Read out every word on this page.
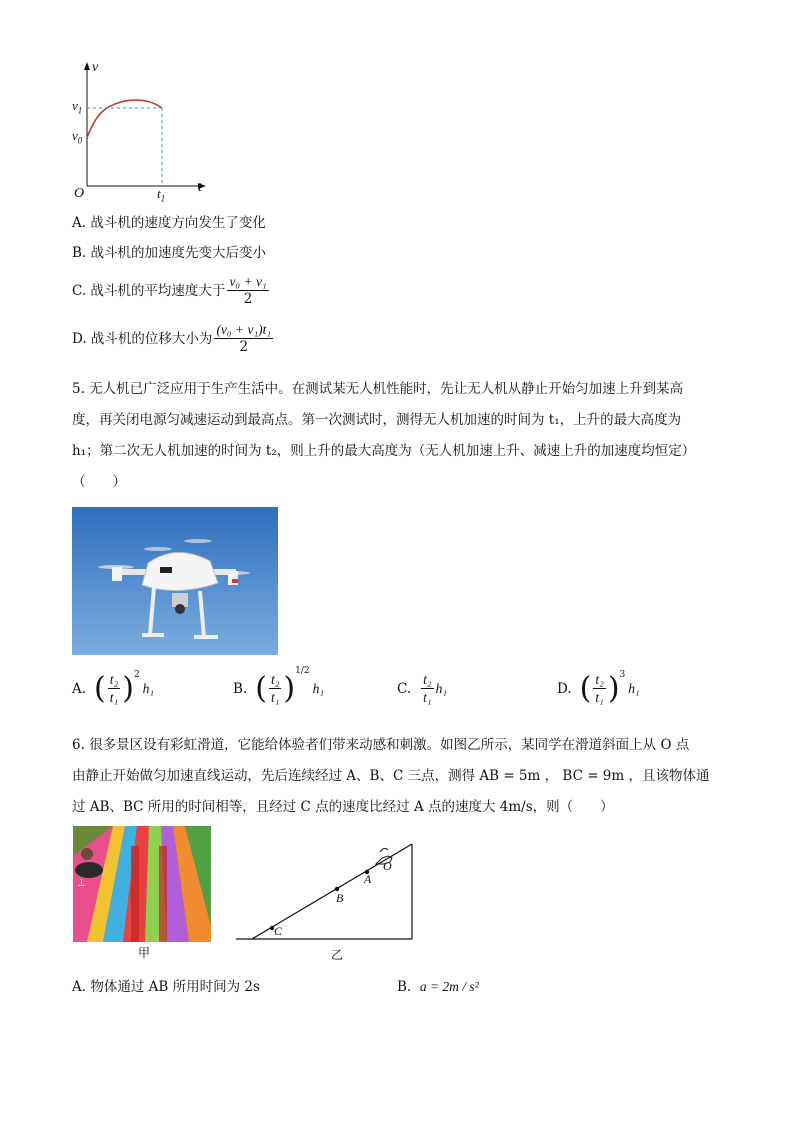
v
t
O
$v_1$
$v_0$
$t_1$
A. 战斗机的速度方向发生了变化
B. 战斗机的加速度先变大后变小
C. 战斗机的平均速度大于 $\frac{\text{v₀ + v₁}}{2}$
D. 战斗机的位移大小为 $\frac{\text{(v₀ + v₁)t₁}}{2}$
5. 无人机已广泛应用于生产生活中。在测试某无人机性能时，先让无人机从静止开始匀加速上升到某高
度，再关闭电源匀减速运动到最高点。第一次测试时，测得无人机加速的时间为 t₁，上升的最大高度为
h₁；第二次无人机加速的时间为 t₂，则上升的最大高度为（无人机加速上升、减速上升的加速度均恒定）
（　　）
A. ( $\frac{\text{t₂}}{\text{t₁}} )^2$
h₁	B. ( $\frac{\text{t₂}}{\text{t₁}} )^{1/2}$
h₁	C. $\frac{\text{t₂}}{\text{t₁}} h_1$	D. ( $\frac{\text{t₂}}{\text{t₁}} )^3$
h₁
6. 很多景区设有彩虹滑道，它能给体验者们带来动感和刺激。如图乙所示，某同学在滑道斜面上从 O 点
由静止开始做匀加速直线运动，先后连续经过 A、B、C 三点，测得 AB = 5m ， BC = 9m ，且该物体通
过 AB、BC 所用的时间相等，且经过 C 点的速度比经过 A 点的速度大 4m/s，则（　　）
⊥
甲
O
A
B
C
乙
A. 物体通过 AB 所用时间为 2s	B. a = 2m / s²
